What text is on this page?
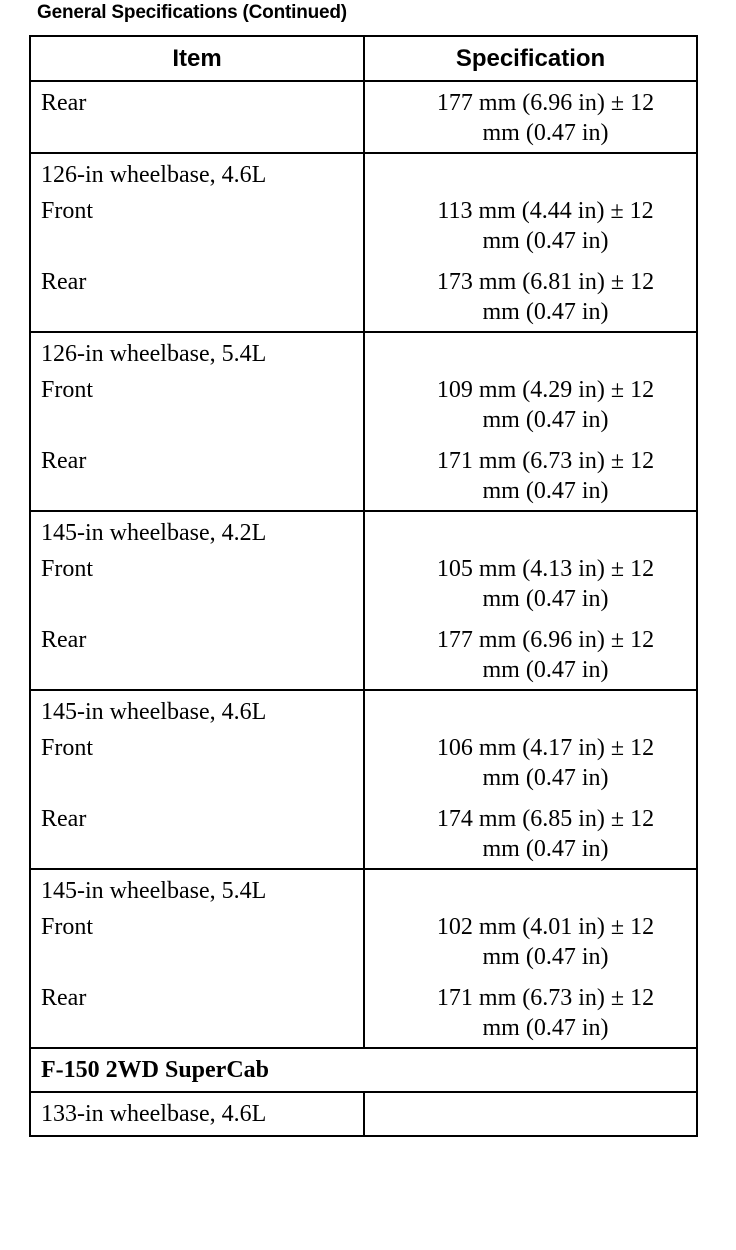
General Specifications (Continued)
Item	Specification
Rear	177 mm (6.96 in) ± 12
mm (0.47 in)
126-in wheelbase, 4.6L	
Front	113 mm (4.44 in) ± 12
mm (0.47 in)
Rear	173 mm (6.81 in) ± 12
mm (0.47 in)
126-in wheelbase, 5.4L	
Front	109 mm (4.29 in) ± 12
mm (0.47 in)
Rear	171 mm (6.73 in) ± 12
mm (0.47 in)
145-in wheelbase, 4.2L	
Front	105 mm (4.13 in) ± 12
mm (0.47 in)
Rear	177 mm (6.96 in) ± 12
mm (0.47 in)
145-in wheelbase, 4.6L	
Front	106 mm (4.17 in) ± 12
mm (0.47 in)
Rear	174 mm (6.85 in) ± 12
mm (0.47 in)
145-in wheelbase, 5.4L	
Front	102 mm (4.01 in) ± 12
mm (0.47 in)
Rear	171 mm (6.73 in) ± 12
mm (0.47 in)
F-150 2WD SuperCab	
133-in wheelbase, 4.6L	
